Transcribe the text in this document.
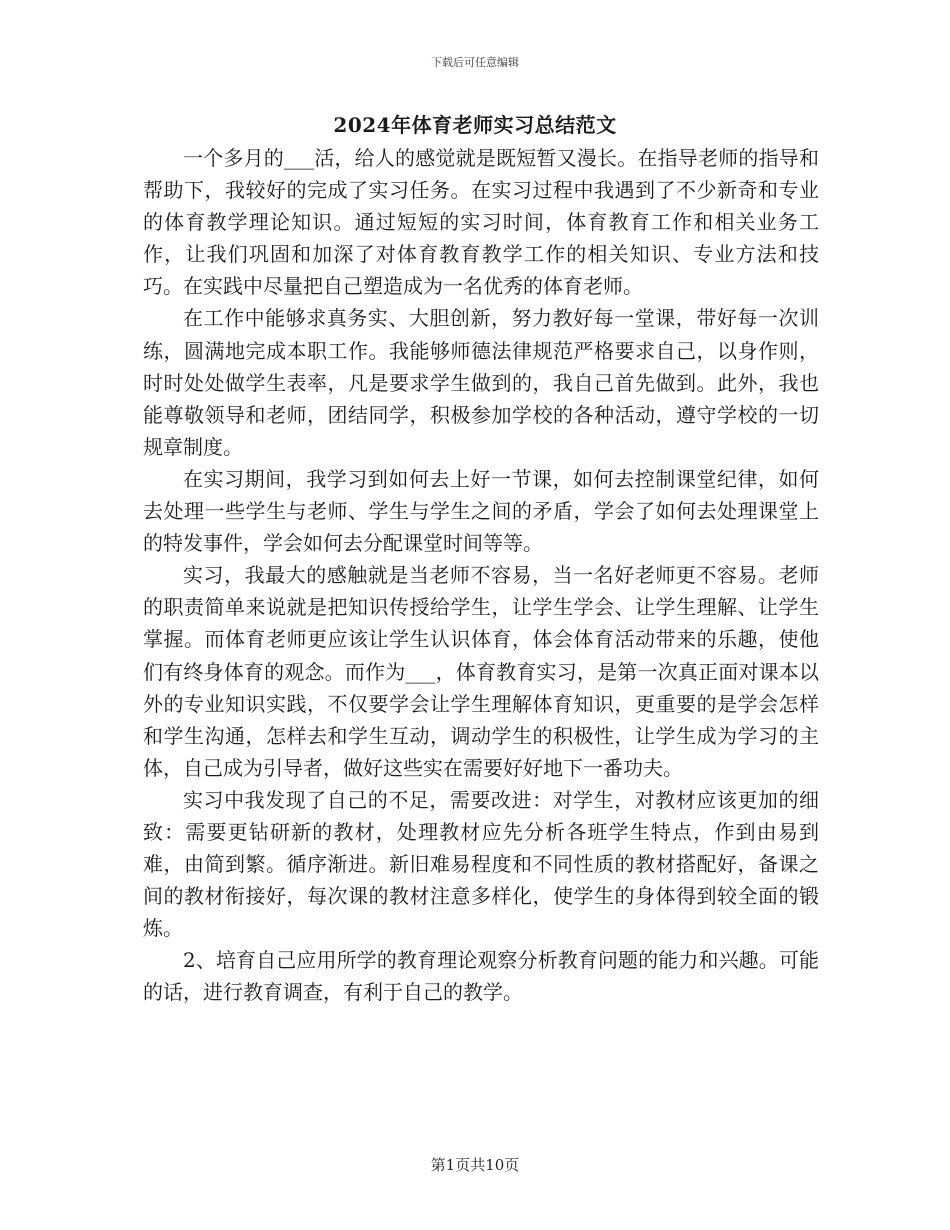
下载后可任意编辑
2024年体育老师实习总结范文

一个多月的___活，给人的感觉就是既短暂又漫长。在指导老师的指导和帮助下，我较好的完成了实习任务。在实习过程中我遇到了不少新奇和专业的体育教学理论知识。通过短短的实习时间，体育教育工作和相关业务工作，让我们巩固和加深了对体育教育教学工作的相关知识、专业方法和技巧。在实践中尽量把自己塑造成为一名优秀的体育老师。

在工作中能够求真务实、大胆创新，努力教好每一堂课，带好每一次训练，圆满地完成本职工作。我能够师德法律规范严格要求自己，以身作则，时时处处做学生表率，凡是要求学生做到的，我自己首先做到。此外，我也能尊敬领导和老师，团结同学，积极参加学校的各种活动，遵守学校的一切规章制度。

在实习期间，我学习到如何去上好一节课，如何去控制课堂纪律，如何去处理一些学生与老师、学生与学生之间的矛盾，学会了如何去处理课堂上的特发事件，学会如何去分配课堂时间等等。

实习，我最大的感触就是当老师不容易，当一名好老师更不容易。老师的职责简单来说就是把知识传授给学生，让学生学会、让学生理解、让学生掌握。而体育老师更应该让学生认识体育，体会体育活动带来的乐趣，使他们有终身体育的观念。而作为___，体育教育实习，是第一次真正面对课本以外的专业知识实践，不仅要学会让学生理解体育知识，更重要的是学会怎样和学生沟通，怎样去和学生互动，调动学生的积极性，让学生成为学习的主体，自己成为引导者，做好这些实在需要好好地下一番功夫。

实习中我发现了自己的不足，需要改进：对学生，对教材应该更加的细致：需要更钻研新的教材，处理教材应先分析各班学生特点，作到由易到难，由简到繁。循序渐进。新旧难易程度和不同性质的教材搭配好，备课之间的教材衔接好，每次课的教材注意多样化，使学生的身体得到较全面的锻炼。

2、培育自己应用所学的教育理论观察分析教育问题的能力和兴趣。可能的话，进行教育调查，有利于自己的教学。

第1页共10页
